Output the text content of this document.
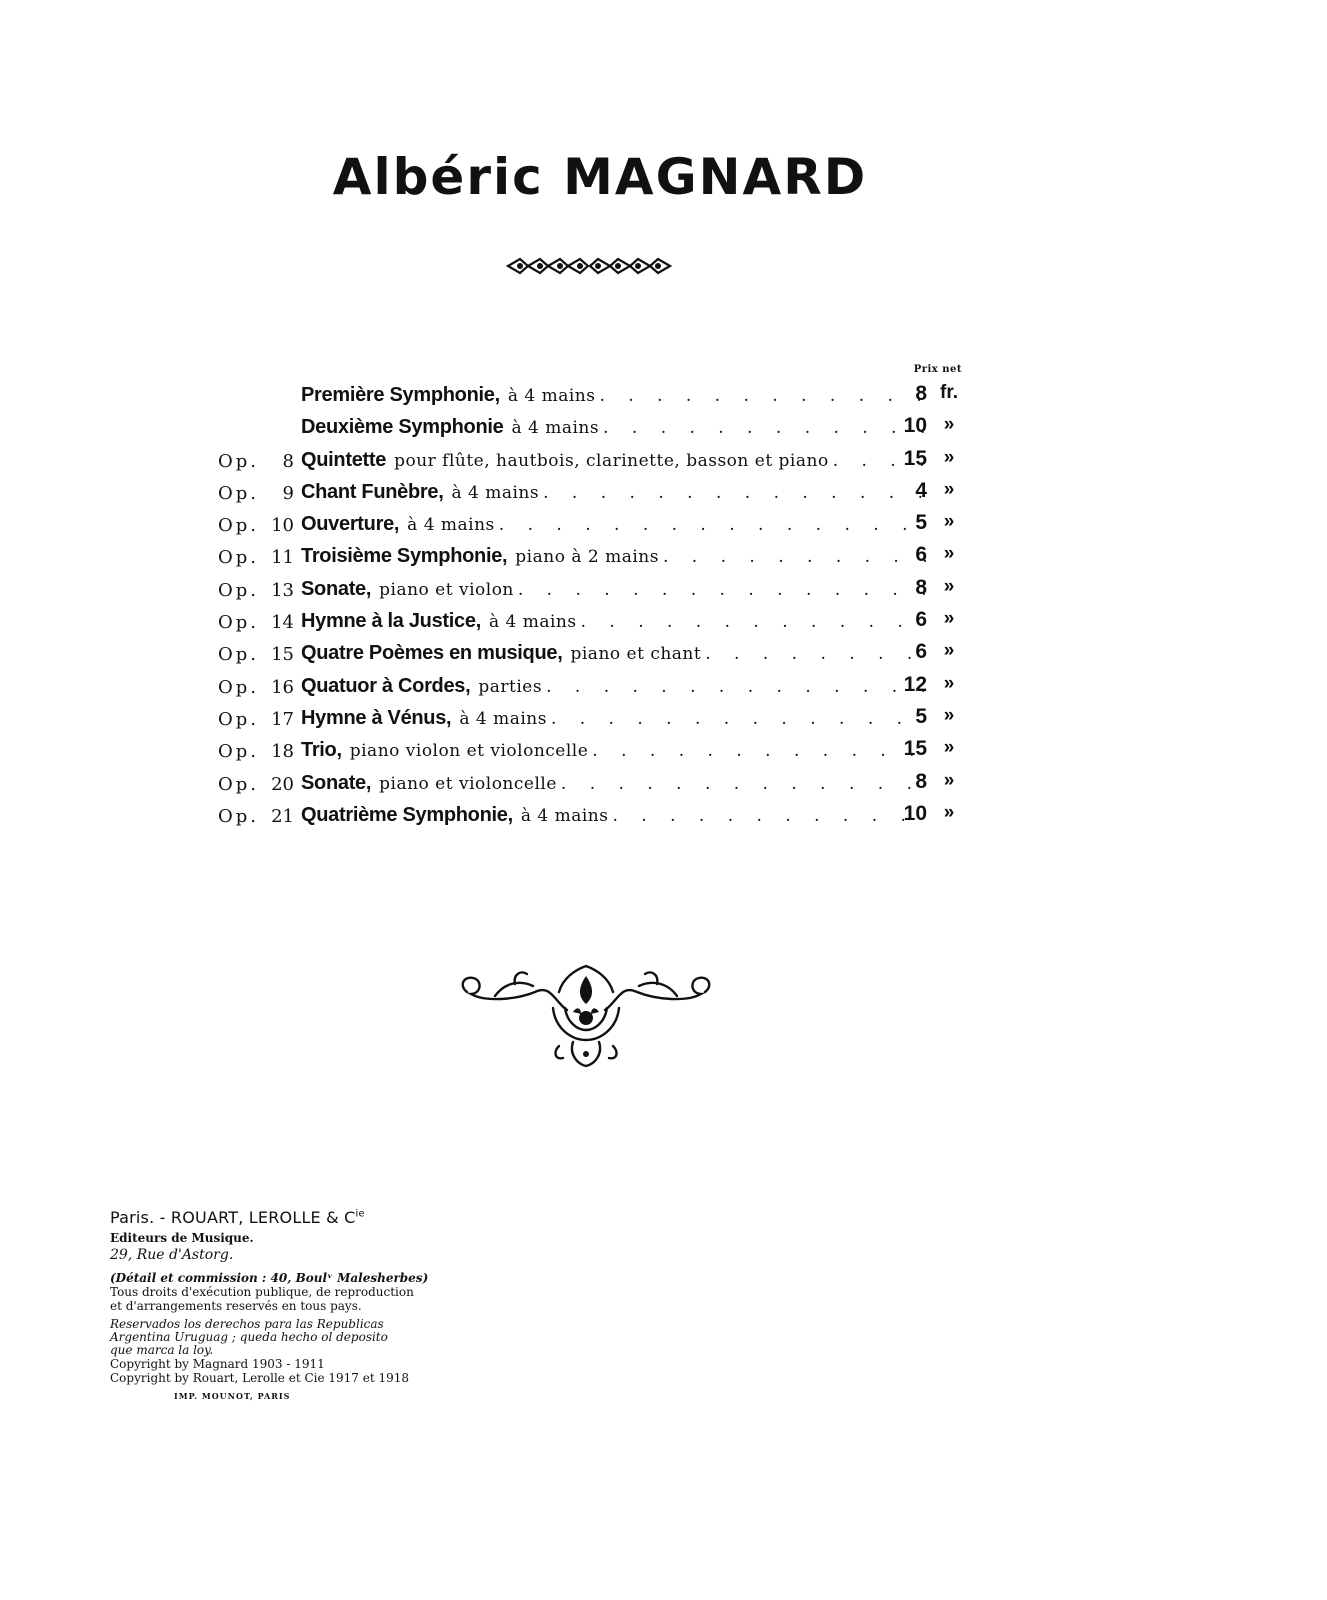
Albéric MAGNARD
Prix net
Première Symphonie, à 4 mains . . .	8 fr.
Deuxième Symphonie à 4 mains . . .	10 »
Op. 8 Quintette pour flûte, hautbois, clarinette, basson et piano . . .	15 »
Op. 9 Chant Funèbre, à 4 mains . . .	4 »
Op. 10 Ouverture, à 4 mains . . .	5 »
Op. 11 Troisième Symphonie, piano à 2 mains . . .	6 »
Op. 13 Sonate, piano et violon . . .	8 »
Op. 14 Hymne à la Justice, à 4 mains . . .	6 »
Op. 15 Quatre Poèmes en musique, piano et chant . . .	6 »
Op. 16 Quatuor à Cordes, parties . . .	12 »
Op. 17 Hymne à Vénus, à 4 mains . . .	5 »
Op. 18 Trio, piano violon et violoncelle . . .	15 »
Op. 20 Sonate, piano et violoncelle . . .	8 »
Op. 21 Quatrième Symphonie, à 4 mains . . .	10 »
Paris. - ROUART, LEROLLE & $C^{ie}$
Editeurs de Musique.
29, Rue d'Astorg.
(Détail et commission : 40, Boulᵛ Malesherbes)
Tous droits d'exécution publique, de reproduction
et d'arrangements reservés en tous pays.
Reservados los derechos para las Republicas
Argentina Uruguag ; queda hecho ol deposito
que marca la loy.
Copyright by Magnard 1903 - 1911
Copyright by Rouart, Lerolle et Cie 1917 et 1918
IMP. MOUNOT, PARIS
